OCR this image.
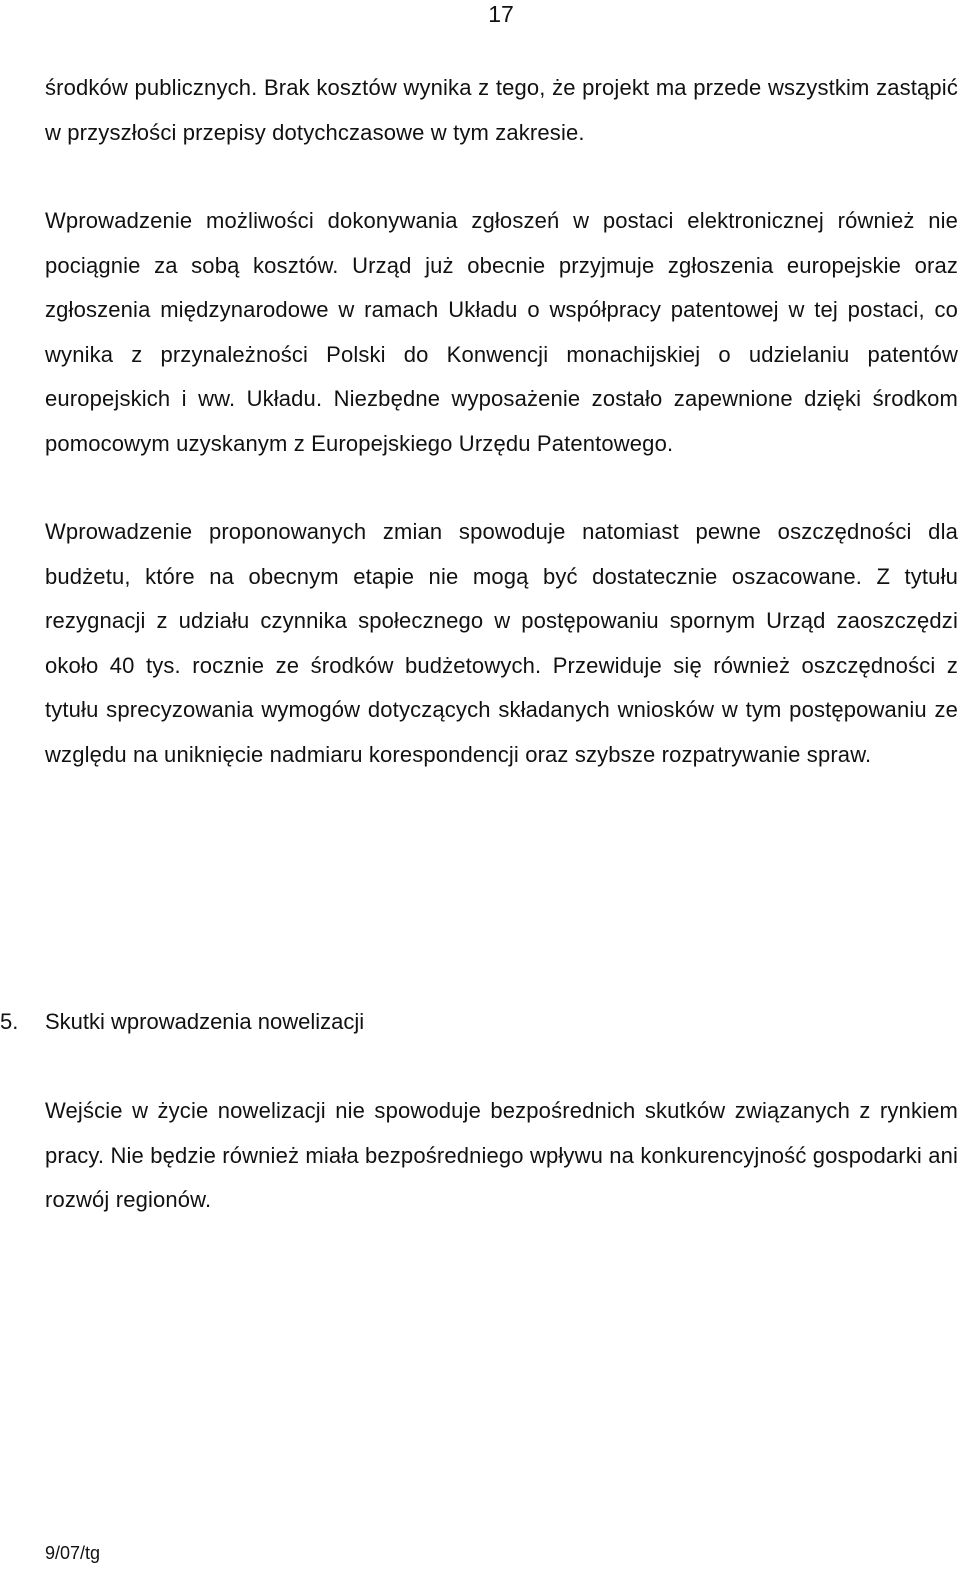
17

środków publicznych. Brak kosztów wynika z tego, że projekt ma przede wszystkim zastąpić w przyszłości przepisy dotychczasowe w tym zakresie.

Wprowadzenie możliwości dokonywania zgłoszeń w postaci elektronicznej również nie pociągnie za sobą kosztów. Urząd już obecnie przyjmuje zgłoszenia europejskie oraz zgłoszenia międzynarodowe w ramach Układu o współpracy patentowej w tej postaci, co wynika z przynależności Polski do Konwencji monachijskiej o udzielaniu patentów europejskich i ww. Układu. Niezbędne wyposażenie zostało zapewnione dzięki środkom pomocowym uzyskanym z Europejskiego Urzędu Patentowego.

Wprowadzenie proponowanych zmian spowoduje natomiast pewne oszczędności dla budżetu, które na obecnym etapie nie mogą być dostatecznie oszacowane. Z tytułu rezygnacji z udziału czynnika społecznego w postępowaniu spornym Urząd zaoszczędzi około 40 tys. rocznie ze środków budżetowych. Przewiduje się również oszczędności z tytułu sprecyzowania wymogów dotyczących składanych wniosków w tym postępowaniu ze względu na uniknięcie nadmiaru korespondencji oraz szybsze rozpatrywanie spraw.

5. Skutki wprowadzenia nowelizacji

Wejście w życie nowelizacji nie spowoduje bezpośrednich skutków związanych z rynkiem pracy. Nie będzie również miała bezpośredniego wpływu na konkurencyjność gospodarki ani rozwój regionów.

9/07/tg
